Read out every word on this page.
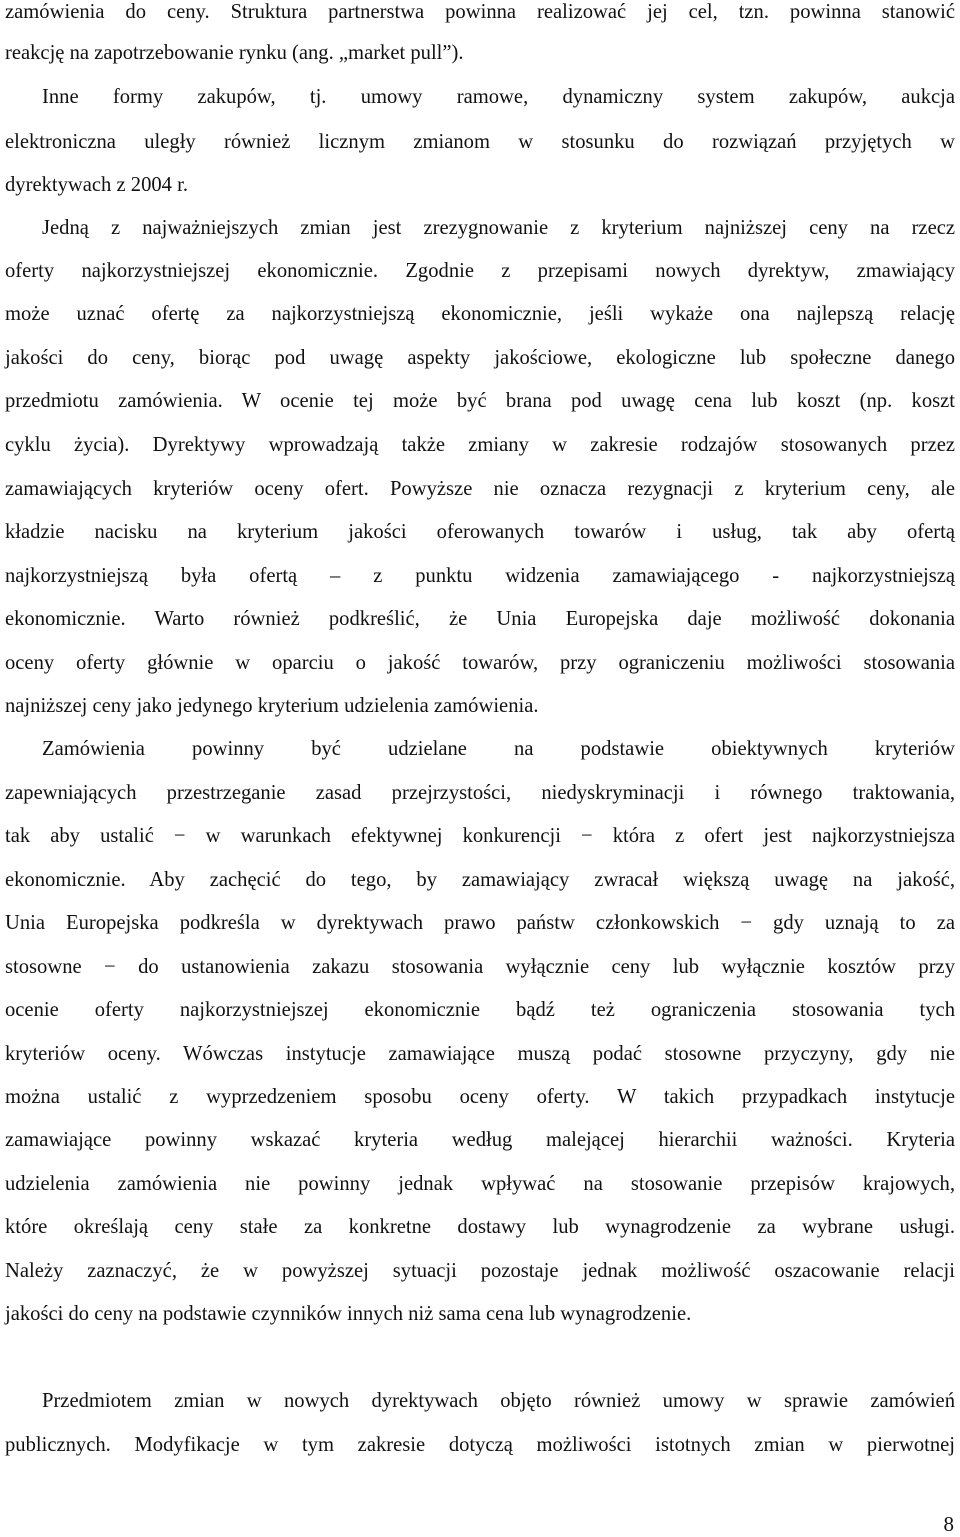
zamówienia do ceny. Struktura partnerstwa powinna realizować jej cel, tzn. powinna stanowić
reakcję na zapotrzebowanie rynku (ang. „market pull”).
Inne formy zakupów, tj. umowy ramowe, dynamiczny system zakupów, aukcja
elektroniczna uległy również licznym zmianom w stosunku do rozwiązań przyjętych w
dyrektywach z 2004 r.
Jedną z najważniejszych zmian jest zrezygnowanie z kryterium najniższej ceny na rzecz
oferty najkorzystniejszej ekonomicznie. Zgodnie z przepisami nowych dyrektyw, zmawiający
może uznać ofertę za najkorzystniejszą ekonomicznie, jeśli wykaże ona najlepszą relację
jakości do ceny, biorąc pod uwagę aspekty jakościowe, ekologiczne lub społeczne danego
przedmiotu zamówienia. W ocenie tej może być brana pod uwagę cena lub koszt (np. koszt
cyklu życia). Dyrektywy wprowadzają także zmiany w zakresie rodzajów stosowanych przez
zamawiających kryteriów oceny ofert. Powyższe nie oznacza rezygnacji z kryterium ceny, ale
kładzie nacisku na kryterium jakości oferowanych towarów i usług, tak aby ofertą
najkorzystniejszą była ofertą – z punktu widzenia zamawiającego - najkorzystniejszą
ekonomicznie. Warto również podkreślić, że Unia Europejska daje możliwość dokonania
oceny oferty głównie w oparciu o jakość towarów, przy ograniczeniu możliwości stosowania
najniższej ceny jako jedynego kryterium udzielenia zamówienia.
Zamówienia powinny być udzielane na podstawie obiektywnych kryteriów
zapewniających przestrzeganie zasad przejrzystości, niedyskryminacji i równego traktowania,
tak aby ustalić − w warunkach efektywnej konkurencji − która z ofert jest najkorzystniejsza
ekonomicznie. Aby zachęcić do tego, by zamawiający zwracał większą uwagę na jakość,
Unia Europejska podkreśla w dyrektywach prawo państw członkowskich − gdy uznają to za
stosowne − do ustanowienia zakazu stosowania wyłącznie ceny lub wyłącznie kosztów przy
ocenie oferty najkorzystniejszej ekonomicznie bądź też ograniczenia stosowania tych
kryteriów oceny. Wówczas instytucje zamawiające muszą podać stosowne przyczyny, gdy nie
można ustalić z wyprzedzeniem sposobu oceny oferty. W takich przypadkach instytucje
zamawiające powinny wskazać kryteria według malejącej hierarchii ważności. Kryteria
udzielenia zamówienia nie powinny jednak wpływać na stosowanie przepisów krajowych,
które określają ceny stałe za konkretne dostawy lub wynagrodzenie za wybrane usługi.
Należy zaznaczyć, że w powyższej sytuacji pozostaje jednak możliwość oszacowanie relacji
jakości do ceny na podstawie czynników innych niż sama cena lub wynagrodzenie.
Przedmiotem zmian w nowych dyrektywach objęto również umowy w sprawie zamówień
publicznych. Modyfikacje w tym zakresie dotyczą możliwości istotnych zmian w pierwotnej
8
